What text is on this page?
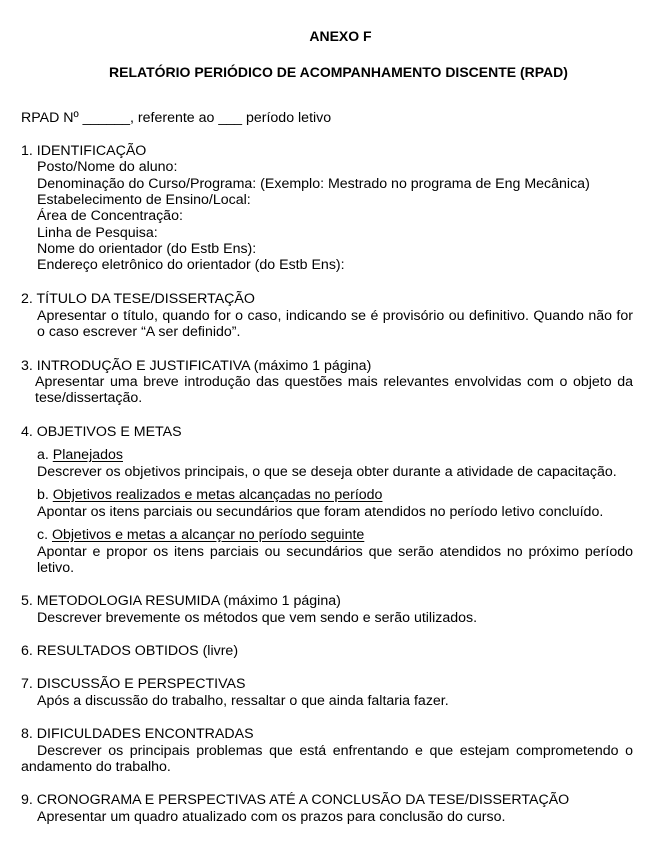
ANEXO F
RELATÓRIO PERIÓDICO DE ACOMPANHAMENTO DISCENTE (RPAD)
RPAD Nº ______, referente ao ___ período letivo
1. IDENTIFICAÇÃO
Posto/Nome do aluno:
Denominação do Curso/Programa: (Exemplo: Mestrado no programa de Eng Mecânica)
Estabelecimento de Ensino/Local:
Área de Concentração:
Linha de Pesquisa:
Nome do orientador (do Estb Ens):
Endereço eletrônico do orientador (do Estb Ens):
2. TÍTULO DA TESE/DISSERTAÇÃO
Apresentar o título, quando for o caso, indicando se é provisório ou definitivo. Quando não for o caso escrever “A ser definido”.
3. INTRODUÇÃO E JUSTIFICATIVA (máximo 1 página)
Apresentar uma breve introdução das questões mais relevantes envolvidas com o objeto da tese/dissertação.
4. OBJETIVOS E METAS
a. Planejados
Descrever os objetivos principais, o que se deseja obter durante a atividade de capacitação.
b. Objetivos realizados e metas alcançadas no período
Apontar os itens parciais ou secundários que foram atendidos no período letivo concluído.
c. Objetivos e metas a alcançar no período seguinte
Apontar e propor os itens parciais ou secundários que serão atendidos no próximo período letivo.
5. METODOLOGIA RESUMIDA (máximo 1 página)
Descrever brevemente os métodos que vem sendo e serão utilizados.
6. RESULTADOS OBTIDOS (livre)
7. DISCUSSÃO E PERSPECTIVAS
Após a discussão do trabalho, ressaltar o que ainda faltaria fazer.
8. DIFICULDADES ENCONTRADAS
Descrever os principais problemas que está enfrentando e que estejam comprometendo o andamento do trabalho.
9. CRONOGRAMA E PERSPECTIVAS ATÉ A CONCLUSÃO DA TESE/DISSERTAÇÃO
Apresentar um quadro atualizado com os prazos para conclusão do curso.
